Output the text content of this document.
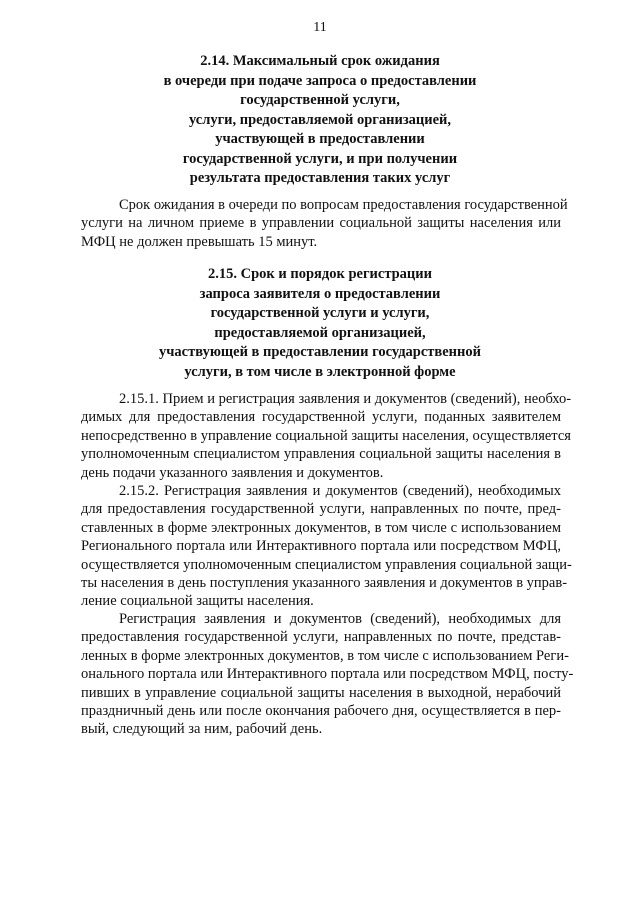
11
2.14. Максимальный срок ожидания
в очереди при подаче запроса о предоставлении
государственной услуги,
услуги, предоставляемой организацией,
участвующей в предоставлении
государственной услуги, и при получении
результата предоставления таких услуг
Срок ожидания в очереди по вопросам предоставления государственной
услуги на личном приеме в управлении социальной защиты населения или
МФЦ не должен превышать 15 минут.
2.15. Срок и порядок регистрации
запроса заявителя о предоставлении
государственной услуги и услуги,
предоставляемой организацией,
участвующей в предоставлении государственной
услуги, в том числе в электронной форме
2.15.1. Прием и регистрация заявления и документов (сведений), необхо-
димых для предоставления государственной услуги, поданных заявителем
непосредственно в управление социальной защиты населения, осуществляется
уполномоченным специалистом управления социальной защиты населения в
день подачи указанного заявления и документов.
2.15.2. Регистрация заявления и документов (сведений), необходимых
для предоставления государственной услуги, направленных по почте, пред-
ставленных в форме электронных документов, в том числе с использованием
Регионального портала или Интерактивного портала или посредством МФЦ,
осуществляется уполномоченным специалистом управления социальной защи-
ты населения в день поступления указанного заявления и документов в управ-
ление социальной защиты населения.
Регистрация заявления и документов (сведений), необходимых для
предоставления государственной услуги, направленных по почте, представ-
ленных в форме электронных документов, в том числе с использованием Реги-
онального портала или Интерактивного портала или посредством МФЦ, посту-
пивших в управление социальной защиты населения в выходной, нерабочий
праздничный день или после окончания рабочего дня, осуществляется в пер-
вый, следующий за ним, рабочий день.
